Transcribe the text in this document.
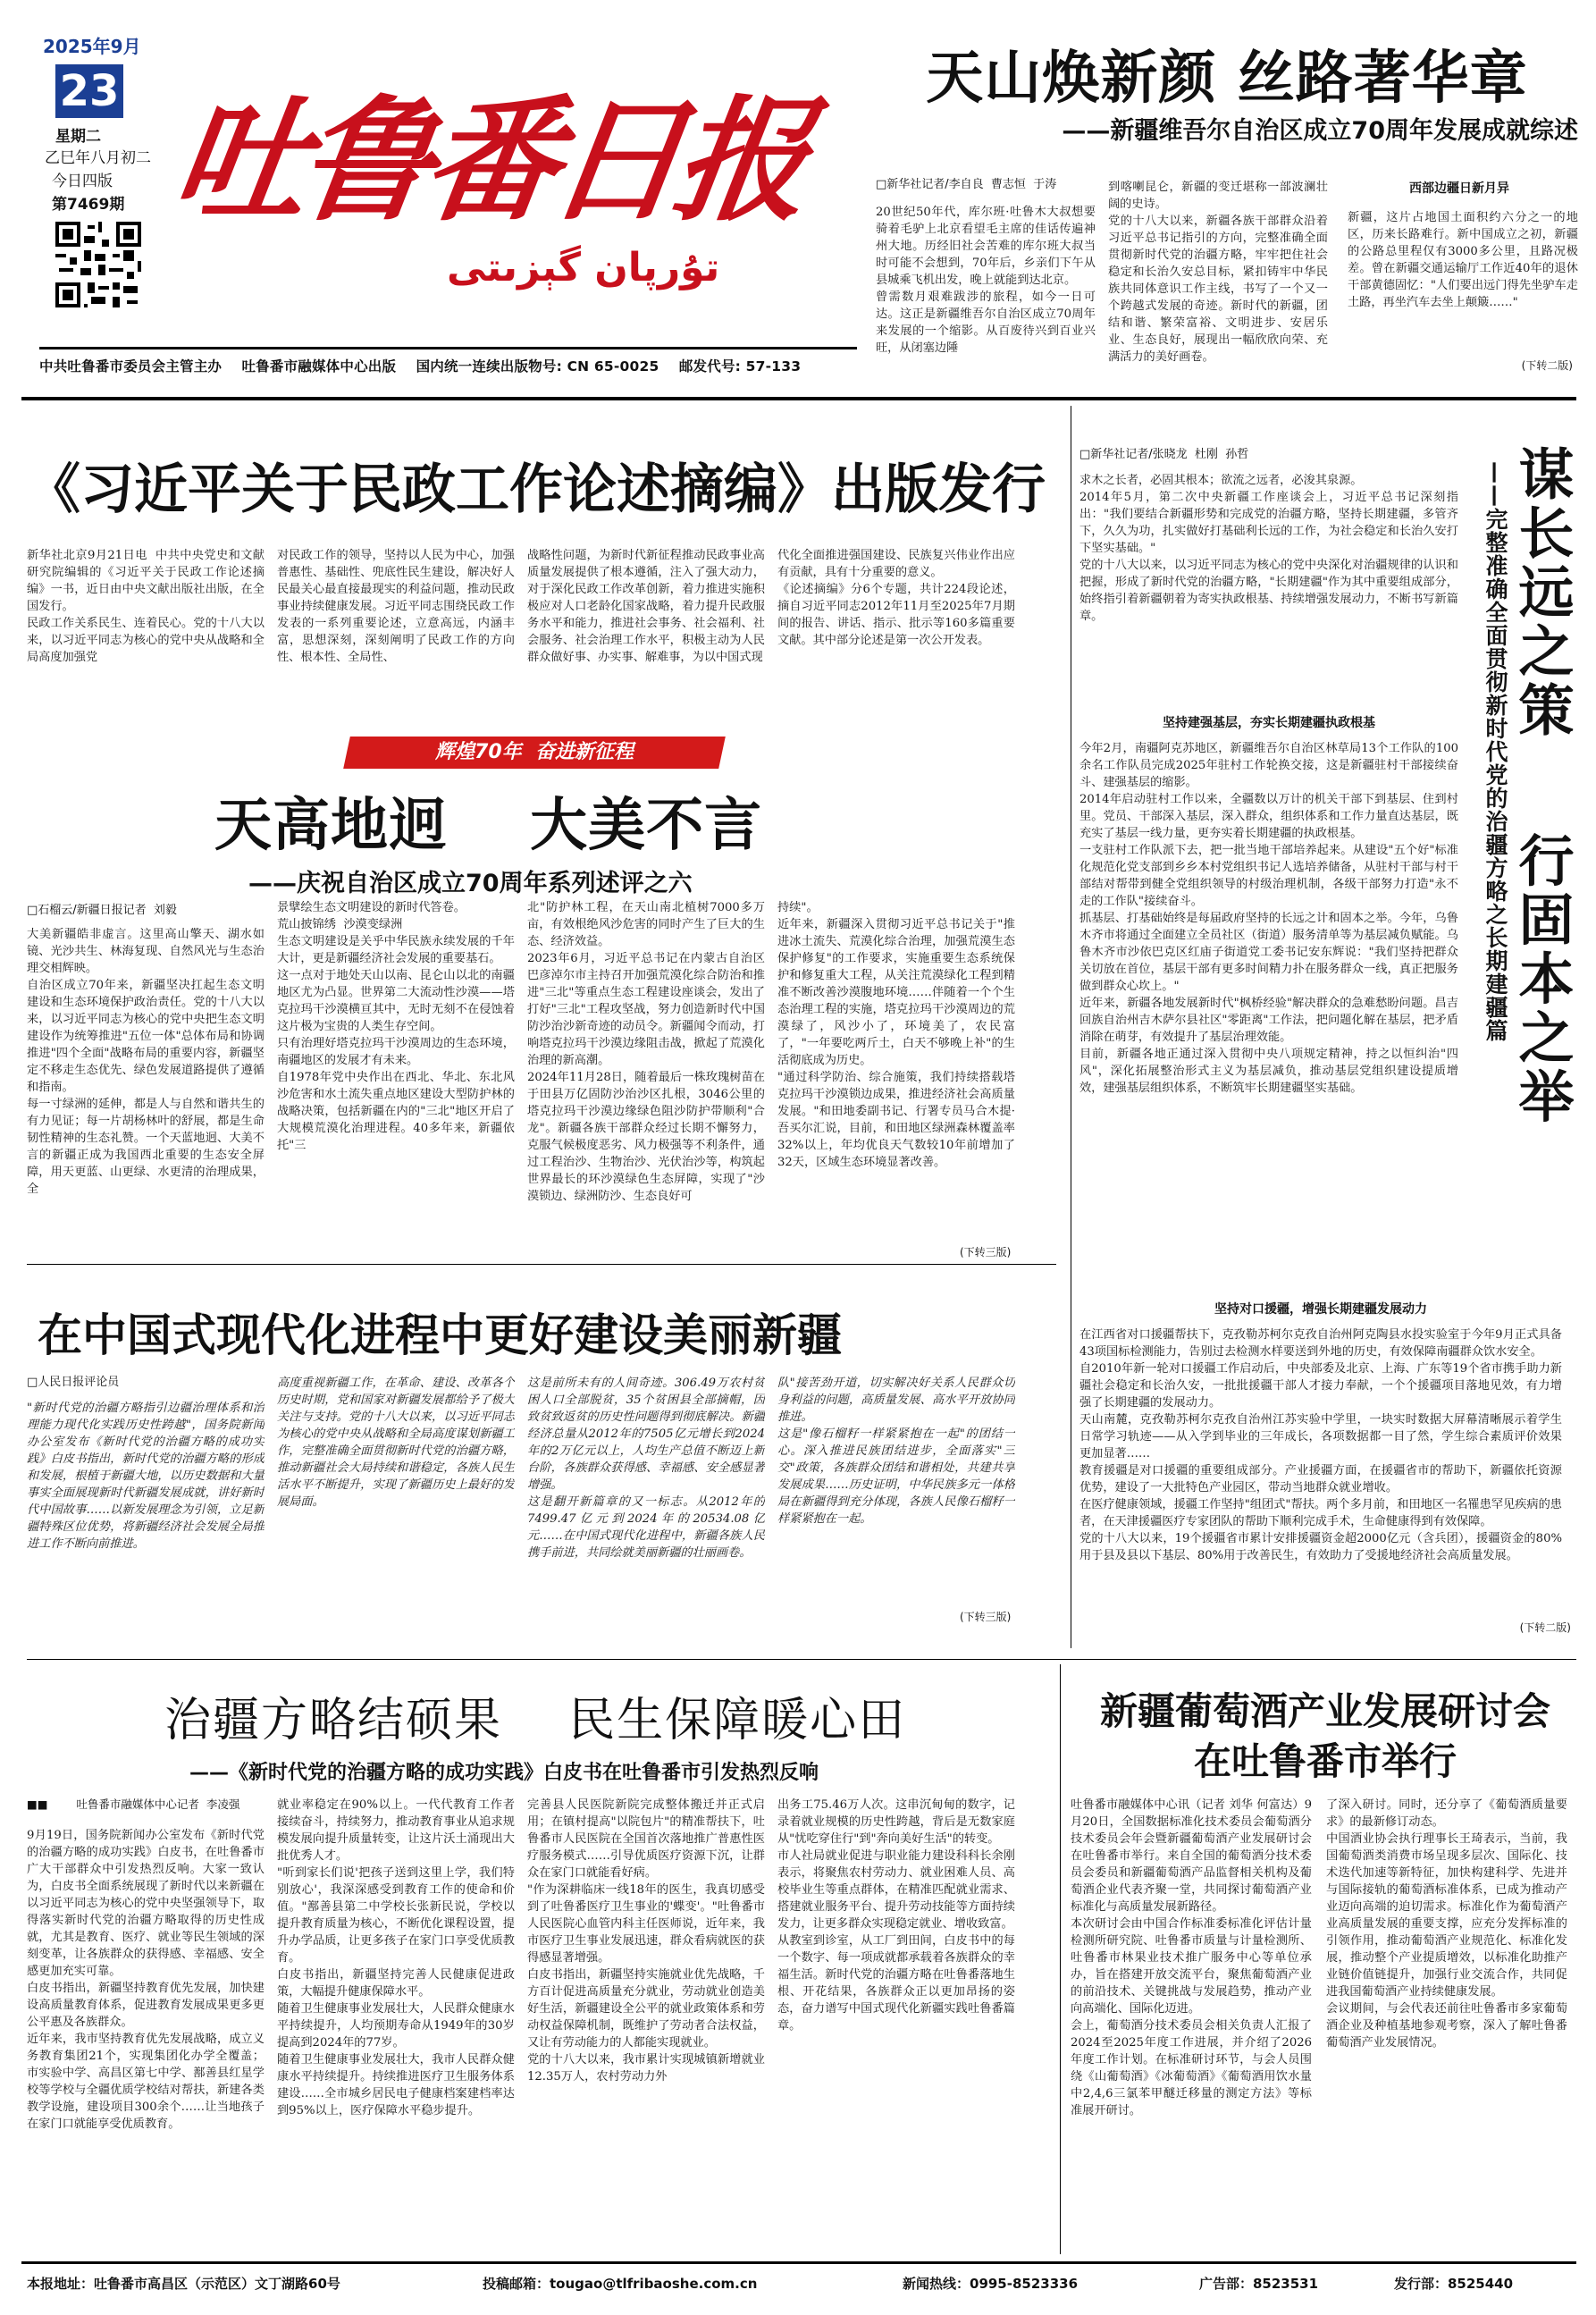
2025年9月
23
星期二
乙巳年八月初二
今日四版
第7469期 吐鲁番日报
تۇرپان گېزىتى
中共吐鲁番市委员会主管主办    吐鲁番市融媒体中心出版    国内统一连续出版物号: CN 65-0025    邮发代号: 57-133
天山焕新颜 丝路著华章
——新疆维吾尔自治区成立70周年发展成就综述
□新华社记者/李自良  曹志恒  于涛
20世纪50年代，库尔班·吐鲁木大叔想要骑着毛驴上北京看望毛主席的佳话传遍神州大地。历经旧社会苦难的库尔班大叔当时可能不会想到，70年后，乡亲们下午从县城乘飞机出发，晚上就能到达北京。
曾需数月艰难跋涉的旅程，如今一日可达。这正是新疆维吾尔自治区成立70周年来发展的一个缩影。从百废待兴到百业兴旺，从闭塞边陲
到喀喇昆仑，新疆的变迁堪称一部波澜壮阔的史诗。
党的十八大以来，新疆各族干部群众沿着习近平总书记指引的方向，完整准确全面贯彻新时代党的治疆方略，牢牢把住社会稳定和长治久安总目标，紧扣铸牢中华民族共同体意识工作主线，书写了一个又一个跨越式发展的奇迹。新时代的新疆，团结和谐、繁荣富裕、文明进步、安居乐业、生态良好，展现出一幅欣欣向荣、充满活力的美好画卷。
西部边疆日新月异
新疆，这片占地国土面积约六分之一的地区，历来长路难行。新中国成立之初，新疆的公路总里程仅有3000多公里，且路况极差。曾在新疆交通运输厅工作近40年的退休干部黄德固忆："人们要出远门得先坐驴车走土路，再坐汽车去坐上颠簸……"
(下转二版)
《习近平关于民政工作论述摘编》出版发行
新华社北京9月21日电  中共中央党史和文献研究院编辑的《习近平关于民政工作论述摘编》一书，近日由中央文献出版社出版，在全国发行。
民政工作关系民生、连着民心。党的十八大以来，以习近平同志为核心的党中央从战略和全局高度加强党
对民政工作的领导，坚持以人民为中心，加强普惠性、基础性、兜底性民生建设，解决好人民最关心最直接最现实的利益问题，推动民政事业持续健康发展。习近平同志围绕民政工作发表的一系列重要论述，立意高远，内涵丰富，思想深刻，深刻阐明了民政工作的方向性、根本性、全局性、
战略性问题，为新时代新征程推动民政事业高质量发展提供了根本遵循，注入了强大动力，对于深化民政工作改革创新，着力推进实施积极应对人口老龄化国家战略，着力提升民政服务水平和能力，推进社会事务、社会福利、社会服务、社会治理工作水平，积极主动为人民群众做好事、办实事、解难事，为以中国式现
代化全面推进强国建设、民族复兴伟业作出应有贡献，具有十分重要的意义。
《论述摘编》分6个专题，共计224段论述，摘自习近平同志2012年11月至2025年7月期间的报告、讲话、指示、批示等160多篇重要文献。其中部分论述是第一次公开发表。
辉煌70年  奋进新征程
天高地迥    大美不言
——庆祝自治区成立70周年系列述评之六
□石榴云/新疆日报记者  刘毅
大美新疆皓非虚言。这里高山擎天、湖水如镜、光沙共生、林海复现、自然风光与生态治理交相辉映。
自治区成立70年来，新疆坚决扛起生态文明建设和生态环境保护政治责任。党的十八大以来，以习近平同志为核心的党中央把生态文明建设作为统筹推进"五位一体"总体布局和协调推进"四个全面"战略布局的重要内容，新疆坚定不移走生态优先、绿色发展道路提供了遵循和指南。
每一寸绿洲的延伸，都是人与自然和谐共生的有力见证；每一片胡杨林叶的舒展，都是生命韧性精神的生态礼赞。一个天蓝地迥、大美不言的新疆正成为我国西北重要的生态安全屏障，用天更蓝、山更绿、水更清的治理成果，全
景擘绘生态文明建设的新时代答卷。
荒山披锦绣  沙漠变绿洲
生态文明建设是关乎中华民族永续发展的千年大计，更是新疆经济社会发展的重要基石。
这一点对于地处天山以南、昆仑山以北的南疆地区尤为凸显。世界第二大流动性沙漠——塔克拉玛干沙漠横亘其中，无时无刻不在侵蚀着这片极为宝贵的人类生存空间。
只有治理好塔克拉玛干沙漠周边的生态环境，南疆地区的发展才有未来。
自1978年党中央作出在西北、华北、东北风沙危害和水土流失重点地区建设大型防护林的战略决策，包括新疆在内的"三北"地区开启了大规模荒漠化治理进程。40多年来，新疆依托"三
北"防护林工程，在天山南北植树7000多万亩，有效根绝风沙危害的同时产生了巨大的生态、经济效益。
2023年6月，习近平总书记在内蒙古自治区巴彦淖尔市主持召开加强荒漠化综合防治和推进"三北"等重点生态工程建设座谈会，发出了打好"三北"工程攻坚战，努力创造新时代中国防沙治沙新奇迹的动员令。新疆闻令而动，打响塔克拉玛干沙漠边缘阻击战，掀起了荒漠化治理的新高潮。
2024年11月28日，随着最后一株玫瑰树苗在于田县万亿固防沙治沙区扎根，3046公里的塔克拉玛干沙漠边缘绿色阻沙防护带顺利"合龙"。新疆各族干部群众经过长期不懈努力，克服气候极度恶劣、风力极强等不利条件，通过工程治沙、生物治沙、光伏治沙等，构筑起世界最长的环沙漠绿色生态屏障，实现了"沙漠锁边、绿洲防沙、生态良好可
持续"。
近年来，新疆深入贯彻习近平总书记关于"推进冰土流失、荒漠化综合治理，加强荒漠生态保护修复"的工作要求，实施重要生态系统保护和修复重大工程，从关注荒漠绿化工程到精准不断改善沙漠腹地环境……伴随着一个个生态治理工程的实施，塔克拉玛干沙漠周边的荒漠绿了，风沙小了，环境美了，农民富了，"一年要吃两斤土，白天不够晚上补"的生活彻底成为历史。
"通过科学防治、综合施策，我们持续搭载塔克拉玛干沙漠锁边成果，推进经济社会高质量发展。"和田地委副书记、行署专员马合木提·吾买尔汇说，目前，和田地区绿洲森林覆盖率32%以上，年均优良天气数较10年前增加了32天，区域生态环境显著改善。
(下转三版)
在中国式现代化进程中更好建设美丽新疆
□人民日报评论员
"新时代党的治疆方略指引边疆治理体系和治理能力现代化实践历史性跨越"，国务院新闻办公室发布《新时代党的治疆方略的成功实践》白皮书指出，新时代党的治疆方略的形成和发展，根植于新疆大地，以历史数据和大量事实全面展现新时代新疆发展成就，讲好新时代中国故事……以新发展理念为引领，立足新疆特殊区位优势，将新疆经济社会发展全局推进工作不断向前推进。
高度重视新疆工作，在革命、建设、改革各个历史时期，党和国家对新疆发展都给予了极大关注与支持。党的十八大以来，以习近平同志为核心的党中央从战略和全局高度谋划新疆工作，完整准确全面贯彻新时代党的治疆方略，推动新疆社会大局持续和谐稳定，各族人民生活水平不断提升，实现了新疆历史上最好的发展局面。
这是前所未有的人间奇迹。306.49万农村贫困人口全部脱贫，35个贫困县全部摘帽，因致贫致返贫的历史性问题得到彻底解决。新疆经济总量从2012年的7505亿元增长到2024年的2万亿元以上，人均生产总值不断迈上新台阶，各族群众获得感、幸福感、安全感显著增强。
这是翻开新篇章的又一标志。从2012年的7499.47亿元到2024年的20534.08亿元……在中国式现代化进程中，新疆各族人民携手前进，共同绘就美丽新疆的壮丽画卷。
队"接苦劲开道，切实解决好关系人民群众切身利益的问题，高质量发展、高水平开放协同推进。
这是"像石榴籽一样紧紧抱在一起"的团结一心。深入推进民族团结进步，全面落实"三交"政策，各族群众团结和谐相处，共建共享发展成果……历史证明，中华民族多元一体格局在新疆得到充分体现，各族人民像石榴籽一样紧紧抱在一起。
(下转三版)
谋长远之策    行固本之举
——完整准确全面贯彻新时代党的治疆方略之长期建疆篇
□新华社记者/张晓龙  杜刚  孙哲
求木之长者，必固其根本；欲流之远者，必浚其泉源。
2014年5月，第二次中央新疆工作座谈会上，习近平总书记深刻指出："我们要结合新疆形势和完成党的治疆方略，坚持长期建疆，多管齐下，久久为功，扎实做好打基础利长远的工作，为社会稳定和长治久安打下坚实基础。"
党的十八大以来，以习近平同志为核心的党中央深化对治疆规律的认识和把握，形成了新时代党的治疆方略，"长期建疆"作为其中重要组成部分，始终指引着新疆朝着为寄实执政根基、持续增强发展动力，不断书写新篇章。
坚持建强基层，夯实长期建疆执政根基
今年2月，南疆阿克苏地区，新疆维吾尔自治区林草局13个工作队的100余名工作队员完成2025年驻村工作轮换交接，这是新疆驻村干部接续奋斗、建强基层的缩影。
2014年启动驻村工作以来，全疆数以万计的机关干部下到基层、住到村里。党员、干部深入基层，深入群众，组织体系和工作力量直达基层，既充实了基层一线力量，更夯实着长期建疆的执政根基。
一支驻村工作队派下去，把一批当地干部培养起来。从建设"五个好"标准化规范化党支部到乡乡本村党组织书记人选培养储备，从驻村干部与村干部结对帮带到健全党组织领导的村级治理机制，各级干部努力打造"永不走的工作队"接续奋斗。
抓基层、打基础始终是每届政府坚持的长远之计和固本之举。今年，乌鲁木齐市将通过全面建立全员社区（街道）服务清单等为基层减负赋能。乌鲁木齐市沙依巴克区红庙子街道党工委书记安东辉说："我们坚持把群众关切放在首位，基层干部有更多时间精力扑在服务群众一线，真正把服务做到群众心坎上。"
近年来，新疆各地发展新时代"枫桥经验"解决群众的急难愁盼问题。昌吉回族自治州吉木萨尔县社区"零距离"工作法，把问题化解在基层，把矛盾消除在萌芽，有效提升了基层治理效能。
目前，新疆各地正通过深入贯彻中央八项规定精神，持之以恒纠治"四风"，深化拓展整治形式主义为基层减负，推动基层党组织建设提质增效，建强基层组织体系，不断筑牢长期建疆坚实基础。
坚持对口援疆，增强长期建疆发展动力
在江西省对口援疆帮扶下，克孜勒苏柯尔克孜自治州阿克陶县水投实验室于今年9月正式具备43项国标检测能力，告别过去检测水样要送到外地的历史，有效保障南疆群众饮水安全。
自2010年新一轮对口援疆工作启动后，中央部委及北京、上海、广东等19个省市携手助力新疆社会稳定和长治久安，一批批援疆干部人才接力奉献，一个个援疆项目落地见效，有力增强了长期建疆的发展动力。
天山南麓，克孜勒苏柯尔克孜自治州江苏实验中学里，一块实时数据大屏幕清晰展示着学生日常学习轨迹——从入学到毕业的三年成长，各项数据都一目了然，学生综合素质评价效果更加显著……
教育援疆是对口援疆的重要组成部分。产业援疆方面，在援疆省市的帮助下，新疆依托资源优势，建设了一大批特色产业园区，带动当地群众就业增收。
在医疗健康领域，援疆工作坚持"组团式"帮扶。两个多月前，和田地区一名罹患罕见疾病的患者，在天津援疆医疗专家团队的帮助下顺利完成手术，生命健康得到有效保障。
党的十八大以来，19个援疆省市累计安排援疆资金超2000亿元（含兵团），援疆资金的80%用于县及县以下基层、80%用于改善民生，有效助力了受援地经济社会高质量发展。
(下转二版)
治疆方略结硕果    民生保障暖心田
——《新时代党的治疆方略的成功实践》白皮书在吐鲁番市引发热烈反响
■■        吐鲁番市融媒体中心记者  李凌强
9月19日，国务院新闻办公室发布《新时代党的治疆方略的成功实践》白皮书，在吐鲁番市广大干部群众中引发热烈反响。大家一致认为，白皮书全面系统展现了新时代以来新疆在以习近平同志为核心的党中央坚强领导下，取得落实新时代党的治疆方略取得的历史性成就，尤其是教育、医疗、就业等民生领域的深刻变革，让各族群众的获得感、幸福感、安全感更加充实可靠。
白皮书指出，新疆坚持教育优先发展，加快建设高质量教育体系，促进教育发展成果更多更公平惠及各族群众。
近年来，我市坚持教育优先发展战略，成立义务教育集团21个，实现集团化办学全覆盖；市实验中学、高昌区第七中学、鄯善县红星学校等学校与全疆优质学校结对帮扶，新建各类教学设施，建设项目300余个……让当地孩子在家门口就能享受优质教育。
就业率稳定在90%以上。一代代教育工作者接续奋斗，持续努力，推动教育事业从追求规模发展向提升质量转变，让这片沃土涌现出大批优秀人才。
"听到家长们说'把孩子送到这里上学，我们特别放心'，我深深感受到教育工作的使命和价值。"鄯善县第二中学校长张新民说，学校以提升教育质量为核心，不断优化课程设置，提升办学品质，让更多孩子在家门口享受优质教育。
白皮书指出，新疆坚持完善人民健康促进政策，大幅提升健康保障水平。
随着卫生健康事业发展壮大，人民群众健康水平持续提升，人均预期寿命从1949年的30岁提高到2024年的77岁。
随着卫生健康事业发展壮大，我市人民群众健康水平持续提升。持续推进医疗卫生服务体系建设……全市城乡居民电子健康档案建档率达到95%以上，医疗保障水平稳步提升。
完善县人民医院新院完成整体搬迁并正式启用；在镇村提高"以院包片"的精准帮扶下，吐鲁番市人民医院在全国首次落地推广普惠性医疗服务模式……引导优质医疗资源下沉，让群众在家门口就能看好病。
"作为深耕临床一线18年的医生，我真切感受到了吐鲁番医疗卫生事业的'蝶变'。"吐鲁番市人民医院心血管内科主任医师说，近年来，我市医疗卫生事业发展迅速，群众看病就医的获得感显著增强。
白皮书指出，新疆坚持实施就业优先战略，千方百计促进高质量充分就业，劳动就业创造美好生活，新疆建设全公平的就业政策体系和劳动权益保障机制，既维护了劳动者合法权益，又让有劳动能力的人都能实现就业。
党的十八大以来，我市累计实现城镇新增就业12.35万人，农村劳动力外
出务工75.46万人次。这串沉甸甸的数字，记录着就业规模的历史性跨越，背后是无数家庭从"忧吃穿住行"到"奔向美好生活"的转变。
市人社局就业促进与职业能力建设科科长余刚表示，将聚焦农村劳动力、就业困难人员、高校毕业生等重点群体，在精准匹配就业需求、搭建就业服务平台、提升劳动技能等方面持续发力，让更多群众实现稳定就业、增收致富。
从教室到诊室，从工厂到田间，白皮书中的每一个数字、每一项成就都承载着各族群众的幸福生活。新时代党的治疆方略在吐鲁番落地生根、开花结果，各族群众正以更加昂扬的姿态，奋力谱写中国式现代化新疆实践吐鲁番篇章。
新疆葡萄酒产业发展研讨会
在吐鲁番市举行
吐鲁番市融媒体中心讯（记者 刘华 何富达）9月20日，全国数据标准化技术委员会葡萄酒分技术委员会年会暨新疆葡萄酒产业发展研讨会在吐鲁番市举行。来自全国的葡萄酒分技术委员会委员和新疆葡萄酒产品监督相关机构及葡萄酒企业代表齐聚一堂，共同探讨葡萄酒产业标准化与高质量发展新路径。
本次研讨会由中国合作标准委标准化评估计量检测所研究院、吐鲁番市质量与计量检测所、吐鲁番市林果业技术推广服务中心等单位承办，旨在搭建开放交流平台，聚焦葡萄酒产业的前沿技术、关键挑战与发展趋势，推动产业向高端化、国际化迈进。
会上，葡萄酒分技术委员会相关负责人汇报了2024至2025年度工作进展，并介绍了2026年度工作计划。在标准研讨环节，与会人员围绕《山葡萄酒》《冰葡萄酒》《葡萄酒用饮水量中2,4,6三氯苯甲醚迁移量的测定方法》等标准展开研讨。
了深入研讨。同时，还分享了《葡萄酒质量要求》的最新修订动态。
中国酒业协会执行理事长王琦表示，当前，我国葡萄酒类消费市场呈现多层次、国际化、技术迭代加速等新特征，加快构建科学、先进并与国际接轨的葡萄酒标准体系，已成为推动产业迈向高端的迫切需求。标准化作为葡萄酒产业高质量发展的重要支撑，应充分发挥标准的引领作用，推动葡萄酒产业规范化、标准化发展，推动整个产业提质增效，以标准化助推产业链价值链提升，加强行业交流合作，共同促进我国葡萄酒产业持续健康发展。
会议期间，与会代表还前往吐鲁番市多家葡萄酒企业及种植基地参观考察，深入了解吐鲁番葡萄酒产业发展情况。
本报地址：吐鲁番市高昌区（示范区）文丁湖路60号	投稿邮箱：tougao@tlfribaoshe.com.cn	新闻热线：0995-8523336	广告部：8523531	发行部：8525440
